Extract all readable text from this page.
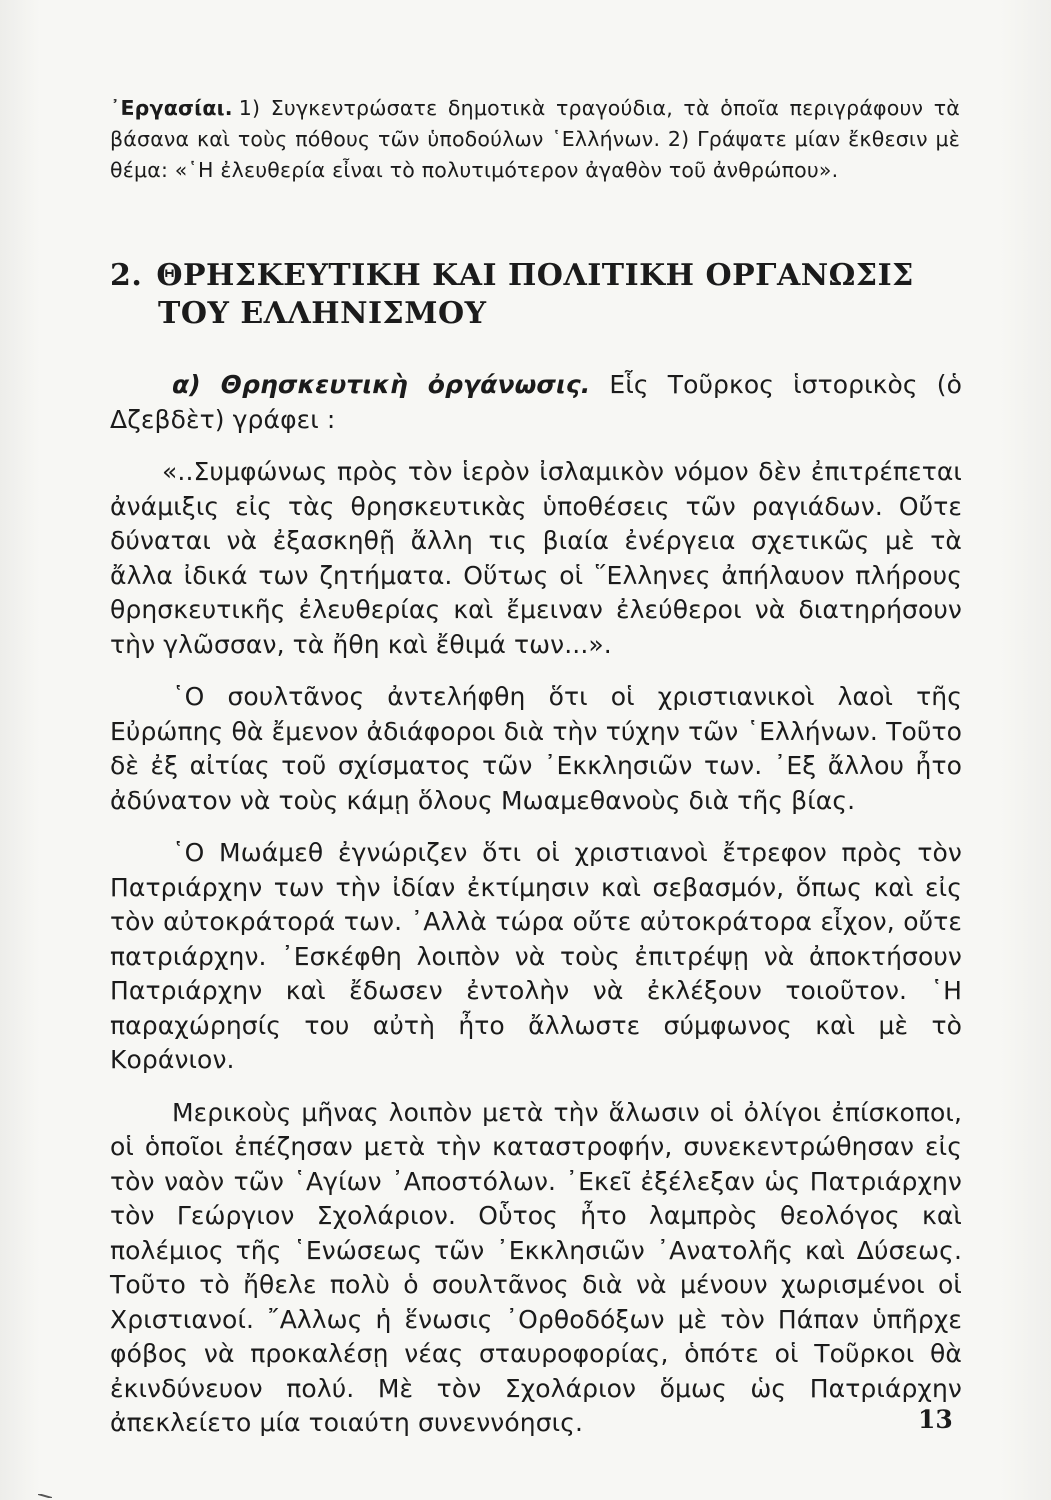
᾿Εργασίαι. 1) Συγκεντρώσατε δημοτικὰ τραγούδια, τὰ ὁποῖα περιγράφουν τὰ βάσανα καὶ τοὺς πόθους τῶν ὑποδούλων ῾Ελλήνων. 2) Γράψατε μίαν ἔκθεσιν μὲ θέμα: «῾Η ἐλευθερία εἶναι τὸ πολυτιμότερον ἀγαθὸν τοῦ ἀνθρώπου».
2. ΘΡΗΣΚΕΥΤΙΚΗ ΚΑΙ ΠΟΛΙΤΙΚΗ ΟΡΓΑΝΩΣΙΣ
ΤΟΥ ΕΛΛΗΝΙΣΜΟΥ

α) Θρησκευτικὴ ὀργάνωσις. Εἷς Τοῦρκος ἱστορικὸς (ὁ Δζεβδὲτ) γράφει :

«..Συμφώνως πρὸς τὸν ἱερὸν ἰσλαμικὸν νόμον δὲν ἐπιτρέπεται ἀνάμιξις εἰς τὰς θρησκευτικὰς ὑποθέσεις τῶν ραγιάδων. Οὔτε δύναται νὰ ἐξασκηθῇ ἄλλη τις βιαία ἐνέργεια σχετικῶς μὲ τὰ ἄλλα ἰδικά των ζητήματα. Οὕτως οἱ ῞Ελληνες ἀπήλαυον πλήρους θρησκευτικῆς ἐλευθερίας καὶ ἔμειναν ἐλεύθεροι νὰ διατηρήσουν τὴν γλῶσσαν, τὰ ἤθη καὶ ἔθιμά των...».

῾Ο σουλτᾶνος ἀντελήφθη ὅτι οἱ χριστιανικοὶ λαοὶ τῆς Εὐρώπης θὰ ἔμενον ἀδιάφοροι διὰ τὴν τύχην τῶν ῾Ελλήνων. Τοῦτο δὲ ἐξ αἰτίας τοῦ σχίσματος τῶν ᾿Εκκλησιῶν των. ᾿Εξ ἄλλου ἦτο ἀδύνατον νὰ τοὺς κάμῃ ὅλους Μωαμεθανοὺς διὰ τῆς βίας.

῾Ο Μωάμεθ ἐγνώριζεν ὅτι οἱ χριστιανοὶ ἔτρεφον πρὸς τὸν Πατριάρχην των τὴν ἰδίαν ἐκτίμησιν καὶ σεβασμόν, ὅπως καὶ εἰς τὸν αὐτοκράτορά των. ᾿Αλλὰ τώρα οὔτε αὐτοκράτορα εἶχον, οὔτε πατριάρχην. ᾿Εσκέφθη λοιπὸν νὰ τοὺς ἐπιτρέψῃ νὰ ἀποκτήσουν Πατριάρχην καὶ ἔδωσεν ἐντολὴν νὰ ἐκλέξουν τοιοῦτον. ῾Η παραχώρησίς του αὐτὴ ἦτο ἄλλωστε σύμφωνος καὶ μὲ τὸ Κοράνιον.

Μερικοὺς μῆνας λοιπὸν μετὰ τὴν ἅλωσιν οἱ ὀλίγοι ἐπίσκοποι, οἱ ὁποῖοι ἐπέζησαν μετὰ τὴν καταστροφήν, συνεκεντρώθησαν εἰς τὸν ναὸν τῶν ῾Αγίων ᾿Αποστόλων. ᾿Εκεῖ ἐξέλεξαν ὡς Πατριάρχην τὸν Γεώργιον Σχολάριον. Οὗτος ἦτο λαμπρὸς θεολόγος καὶ πολέμιος τῆς ῾Ενώσεως τῶν ᾿Εκκλησιῶν ᾿Ανατολῆς καὶ Δύσεως. Τοῦτο τὸ ἤθελε πολὺ ὁ σουλτᾶνος διὰ νὰ μένουν χωρισμένοι οἱ Χριστιανοί. ῎Αλλως ἡ ἕνωσις ᾿Ορθοδόξων μὲ τὸν Πάπαν ὑπῆρχε φόβος νὰ προκαλέσῃ νέας σταυροφορίας, ὁπότε οἱ Τοῦρκοι θὰ ἐκινδύνευον πολύ. Μὲ τὸν Σχολάριον ὅμως ὡς Πατριάρχην ἀπεκλείετο μία τοιαύτη συνεννόησις.	13
